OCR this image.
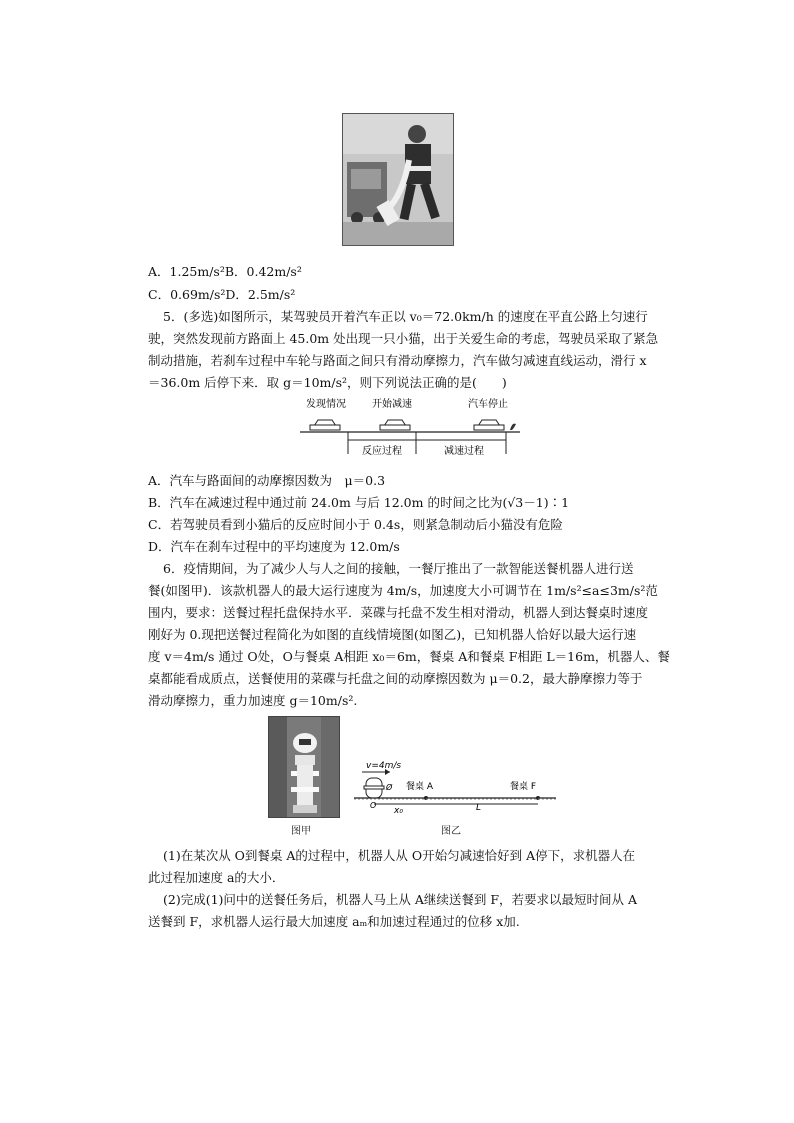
A．1.25m/s²B．0.42m/s²
C．0.69m/s²D．2.5m/s²
5．(多选)如图所示，某驾驶员开着汽车正以 v₀＝72.0km/h 的速度在平直公路上匀速行
驶，突然发现前方路面上 45.0m 处出现一只小猫，出于关爱生命的考虑，驾驶员采取了紧急
制动措施，若刹车过程中车轮与路面之间只有滑动摩擦力，汽车做匀减速直线运动，滑行 x
＝36.0m 后停下来．取 g＝10m/s²，则下列说法正确的是(　　)
发现情况	开始减速	汽车停止
反应过程	减速过程
A．汽车与路面间的动摩擦因数为　μ＝0.3
B．汽车在减速过程中通过前 24.0m 与后 12.0m 的时间之比为(√3－1)∶1
C．若驾驶员看到小猫后的反应时间小于 0.4s，则紧急制动后小猫没有危险
D．汽车在刹车过程中的平均速度为 12.0m/s
6．疫情期间，为了减少人与人之间的接触，一餐厅推出了一款智能送餐机器人进行送
餐(如图甲)．该款机器人的最大运行速度为 4m/s，加速度大小可调节在 1m/s²≤a≤3m/s²范
围内，要求：送餐过程托盘保持水平．菜碟与托盘不发生相对滑动，机器人到达餐桌时速度
刚好为 0.现把送餐过程简化为如图的直线情境图(如图乙)，已知机器人恰好以最大运行速
度 v＝4m/s 通过 O处，O与餐桌 A相距 x₀＝6m，餐桌 A和餐桌 F相距 L＝16m，机器人、餐
桌都能看成质点，送餐使用的菜碟与托盘之间的动摩擦因数为 μ＝0.2，最大静摩擦力等于
滑动摩擦力，重力加速度 g＝10m/s².
图甲
v=4m/s
Ø 餐桌 A	餐桌 F
O
x₀	L
图乙
(1)在某次从 O到餐桌 A的过程中，机器人从 O开始匀减速恰好到 A停下，求机器人在
此过程加速度 a的大小．
(2)完成(1)问中的送餐任务后，机器人马上从 A继续送餐到 F，若要求以最短时间从 A
送餐到 F，求机器人运行最大加速度 aₘ和加速过程通过的位移 x加.
